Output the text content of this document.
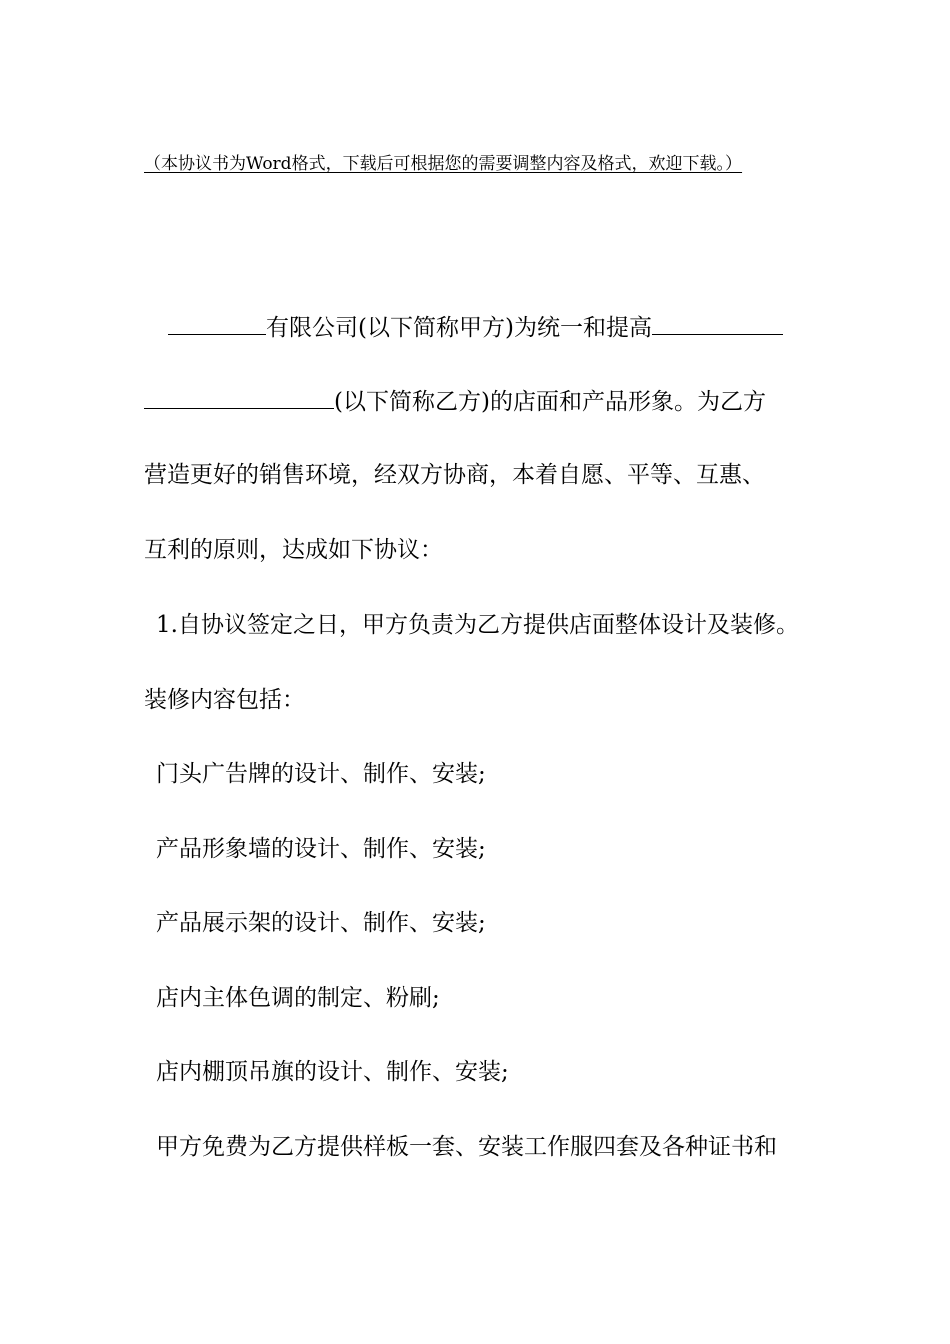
（本协议书为Word格式，下载后可根据您的需要调整内容及格式，欢迎下载。）
有限公司(以下简称甲方)为统一和提高
(以下简称乙方)的店面和产品形象。为乙方
营造更好的销售环境，经双方协商，本着自愿、平等、互惠、
互利的原则，达成如下协议：
1.自协议签定之日，甲方负责为乙方提供店面整体设计及装修。
装修内容包括：
门头广告牌的设计、制作、安装;
产品形象墙的设计、制作、安装;
产品展示架的设计、制作、安装;
店内主体色调的制定、粉刷;
店内棚顶吊旗的设计、制作、安装;
甲方免费为乙方提供样板一套、安装工作服四套及各种证书和
